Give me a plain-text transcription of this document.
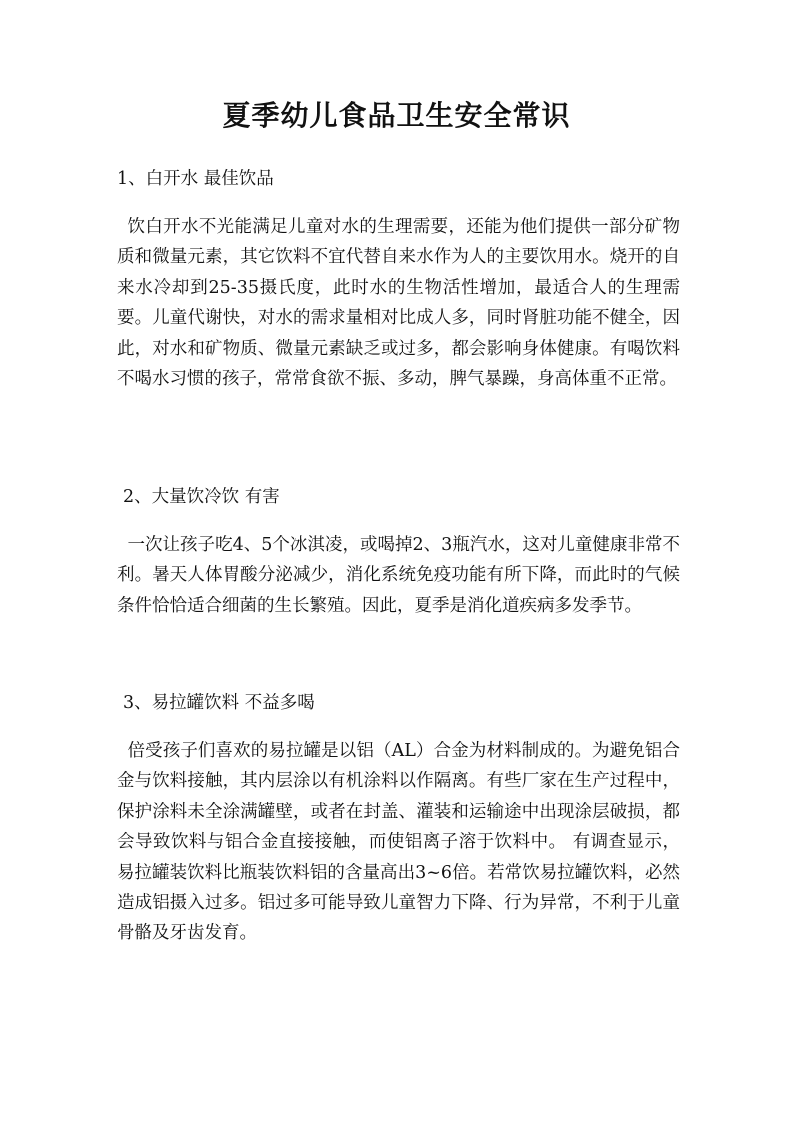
夏季幼儿食品卫生安全常识
1、白开水 最佳饮品

饮白开水不光能满足儿童对水的生理需要，还能为他们提供一部分矿物质和微量元素，其它饮料不宜代替自来水作为人的主要饮用水。烧开的自来水冷却到25-35摄氏度，此时水的生物活性增加，最适合人的生理需要。儿童代谢快，对水的需求量相对比成人多，同时肾脏功能不健全，因此，对水和矿物质、微量元素缺乏或过多，都会影响身体健康。有喝饮料不喝水习惯的孩子，常常食欲不振、多动，脾气暴躁，身高体重不正常。

2、大量饮冷饮 有害

一次让孩子吃4、5个冰淇凌，或喝掉2、3瓶汽水，这对儿童健康非常不利。暑天人体胃酸分泌减少，消化系统免疫功能有所下降，而此时的气候条件恰恰适合细菌的生长繁殖。因此，夏季是消化道疾病多发季节。

3、易拉罐饮料 不益多喝

倍受孩子们喜欢的易拉罐是以铝（AL）合金为材料制成的。为避免铝合金与饮料接触，其内层涂以有机涂料以作隔离。有些厂家在生产过程中，保护涂料未全涂满罐壁，或者在封盖、灌装和运输途中出现涂层破损，都会导致饮料与铝合金直接接触，而使铝离子溶于饮料中。 有调查显示，易拉罐装饮料比瓶装饮料铝的含量高出3~6倍。若常饮易拉罐饮料，必然造成铝摄入过多。铝过多可能导致儿童智力下降、行为异常，不利于儿童骨骼及牙齿发育。
